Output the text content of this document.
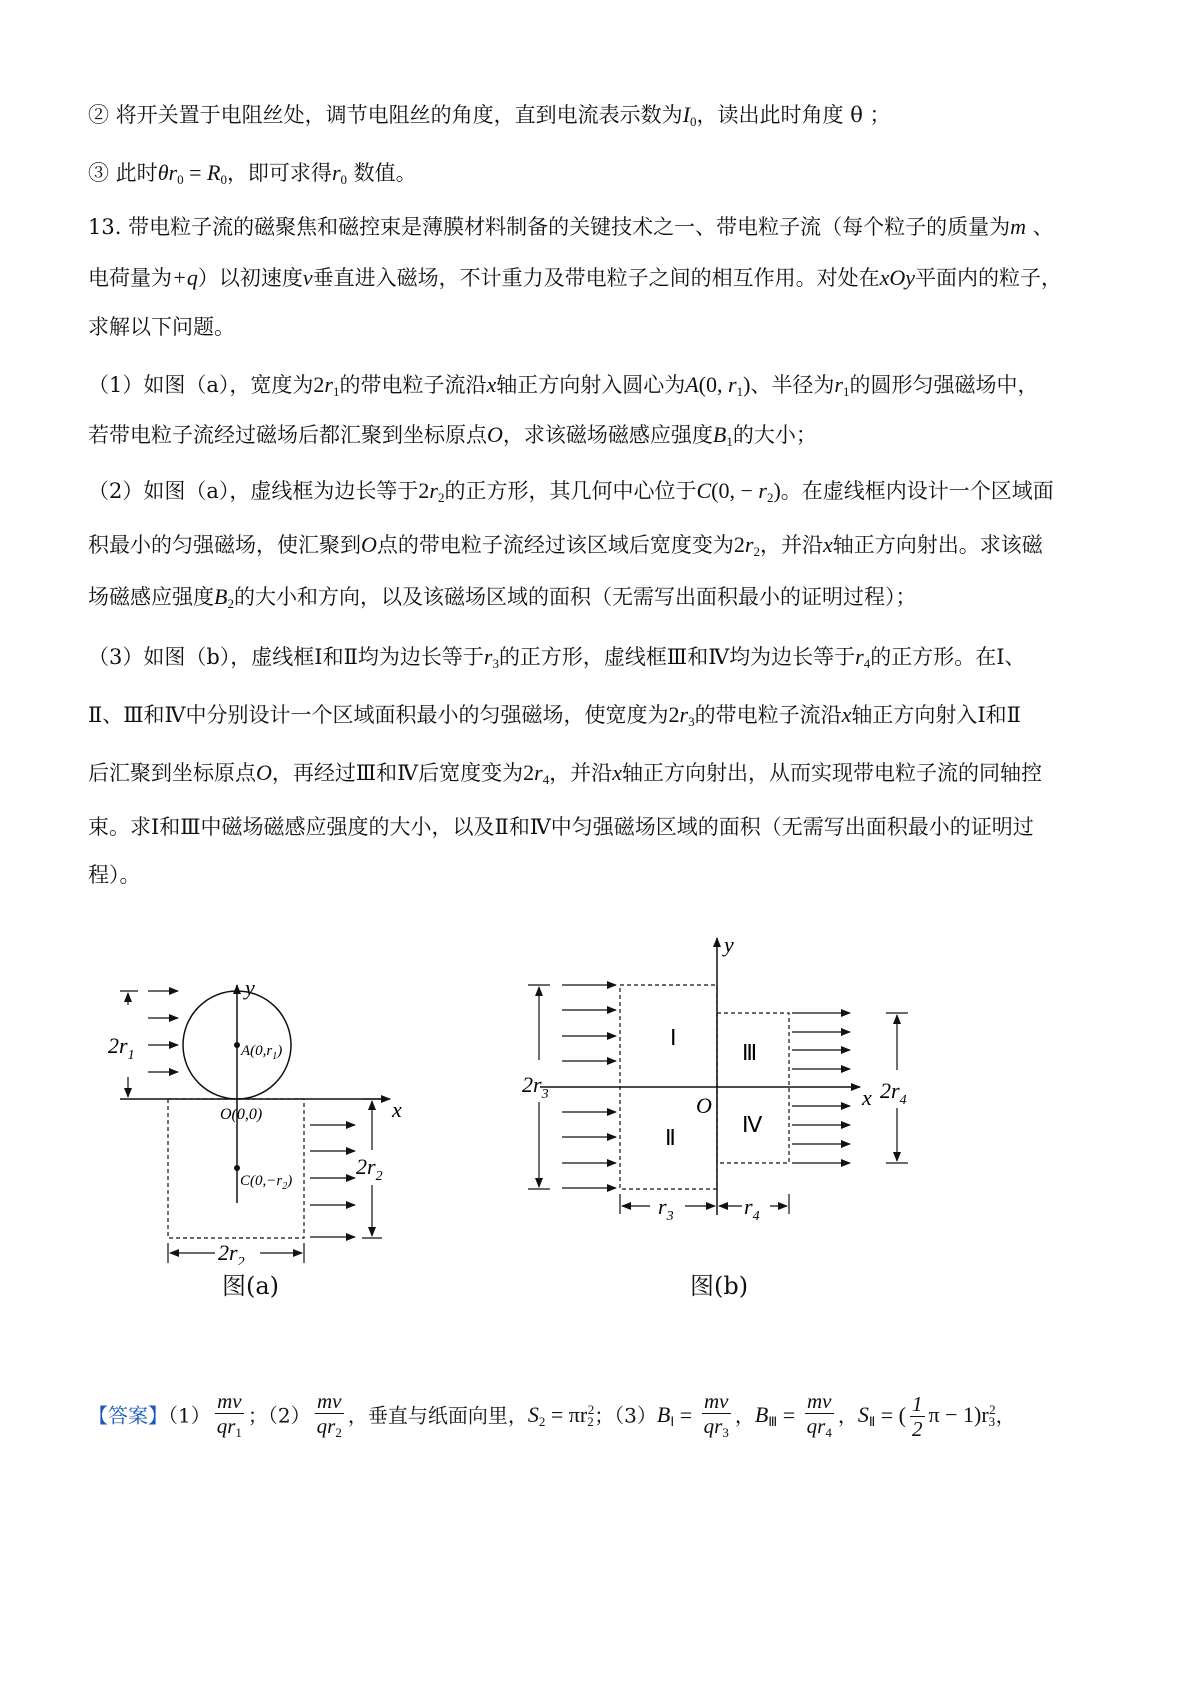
② 将开关置于电阻丝处，调节电阻丝的角度，直到电流表示数为$I_0$，读出此时角度 θ ；
③ 此时$\theta r_0 = R_0$，即可求得$r_0$ 数值。
13. 带电粒子流的磁聚焦和磁控束是薄膜材料制备的关键技术之一、带电粒子流（每个粒子的质量为m 、
电荷量为+q）以初速度v垂直进入磁场，不计重力及带电粒子之间的相互作用。对处在xOy平面内的粒子，
求解以下问题。
（1）如图（a），宽度为$2r_1$的带电粒子流沿x轴正方向射入圆心为A(0, $r_1$)、半径为$r_1$的圆形匀强磁场中，
若带电粒子流经过磁场后都汇聚到坐标原点O，求该磁场磁感应强度$B_1$的大小；
（2）如图（a），虚线框为边长等于$2r_2$的正方形，其几何中心位于C(0, − $r_2$)。在虚线框内设计一个区域面
积最小的匀强磁场，使汇聚到O点的带电粒子流经过该区域后宽度变为$2r_2$，并沿x轴正方向射出。求该磁
场磁感应强度$B_2$的大小和方向，以及该磁场区域的面积（无需写出面积最小的证明过程）；
（3）如图（b），虚线框Ⅰ和Ⅱ均为边长等于$r_3$的正方形，虚线框Ⅲ和Ⅳ均为边长等于$r_4$的正方形。在Ⅰ、
Ⅱ、Ⅲ和Ⅳ中分别设计一个区域面积最小的匀强磁场，使宽度为$2r_3$的带电粒子流沿x轴正方向射入Ⅰ和Ⅱ
后汇聚到坐标原点O，再经过Ⅲ和Ⅳ后宽度变为$2r_4$，并沿x轴正方向射出，从而实现带电粒子流的同轴控
束。求Ⅰ和Ⅲ中磁场磁感应强度的大小，以及Ⅱ和Ⅳ中匀强磁场区域的面积（无需写出面积最小的证明过
程）。
y
x
$A(0,r_1)$
O(0,0)
$2r_1$
$C(0,-r_2)$
$2r_2$
$2r_2$
图(a)
y
x
O
Ⅰ
Ⅱ
Ⅲ
Ⅳ
$2r_3$	$2r_4$
$r_3$	$r_4$
图(b)
【答案】$(1) \frac{mv}{qr_1}$ ；$(2) \frac{mv}{qr_2}$ ，垂直与纸面向里，$S_2 = \pi r_2^2$；$(3)B_Ⅰ = \frac{mv}{qr_3}$ ，$B_Ⅲ = \frac{mv}{qr_4}$ ，$S_Ⅱ$ = ( $\frac{1}{2}$ $\pi - 1)r_3^2$，
